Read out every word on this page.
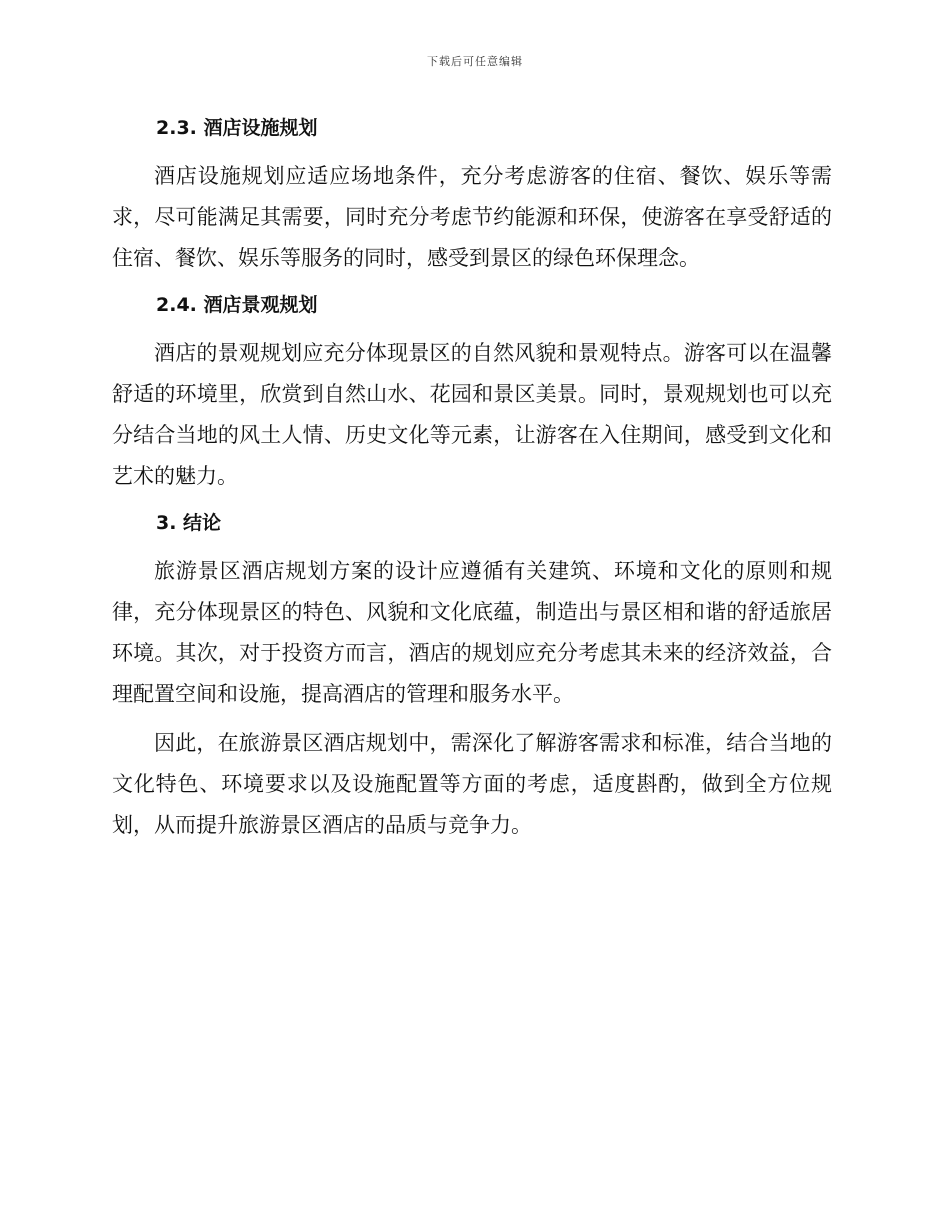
下载后可任意编辑
2.3. 酒店设施规划

酒店设施规划应适应场地条件，充分考虑游客的住宿、餐饮、娱乐等需求，尽可能满足其需要，同时充分考虑节约能源和环保，使游客在享受舒适的住宿、餐饮、娱乐等服务的同时，感受到景区的绿色环保理念。

2.4. 酒店景观规划

酒店的景观规划应充分体现景区的自然风貌和景观特点。游客可以在温馨舒适的环境里，欣赏到自然山水、花园和景区美景。同时，景观规划也可以充分结合当地的风土人情、历史文化等元素，让游客在入住期间，感受到文化和艺术的魅力。

3. 结论

旅游景区酒店规划方案的设计应遵循有关建筑、环境和文化的原则和规律，充分体现景区的特色、风貌和文化底蕴，制造出与景区相和谐的舒适旅居环境。其次，对于投资方而言，酒店的规划应充分考虑其未来的经济效益，合理配置空间和设施，提高酒店的管理和服务水平。

因此，在旅游景区酒店规划中，需深化了解游客需求和标准，结合当地的文化特色、环境要求以及设施配置等方面的考虑，适度斟酌，做到全方位规划，从而提升旅游景区酒店的品质与竞争力。
